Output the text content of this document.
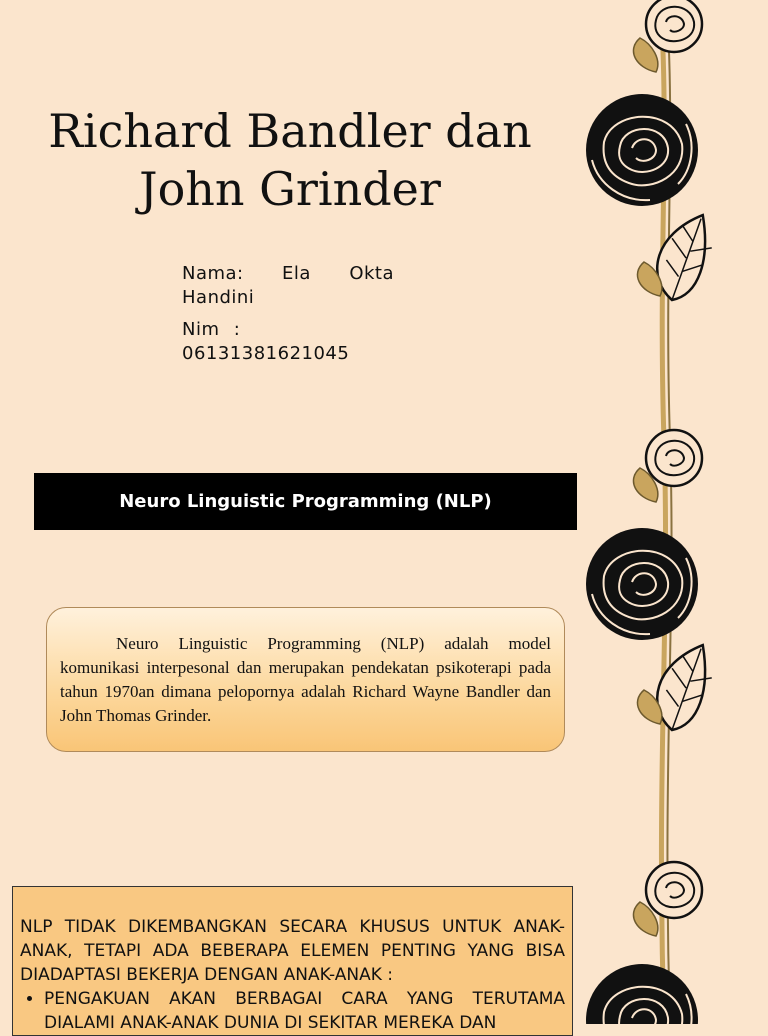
Richard Bandler dan
John Grinder
Nama: Ela Okta
Handini
Nim :
06131381621045
Neuro Linguistic Programming (NLP)

Neuro Linguistic Programming (NLP) adalah model komunikasi interpesonal dan merupakan pendekatan psikoterapi pada tahun 1970an dimana pelopornya adalah Richard Wayne Bandler dan John Thomas Grinder.

NLP TIDAK DIKEMBANGKAN SECARA KHUSUS UNTUK ANAK-ANAK, TETAPI ADA BEBERAPA ELEMEN PENTING YANG BISA DIADAPTASI BEKERJA DENGAN ANAK-ANAK :
• PENGAKUAN AKAN BERBAGAI CARA YANG TERUTAMA DIALAMI ANAK-ANAK DUNIA DI SEKITAR MEREKA DAN
